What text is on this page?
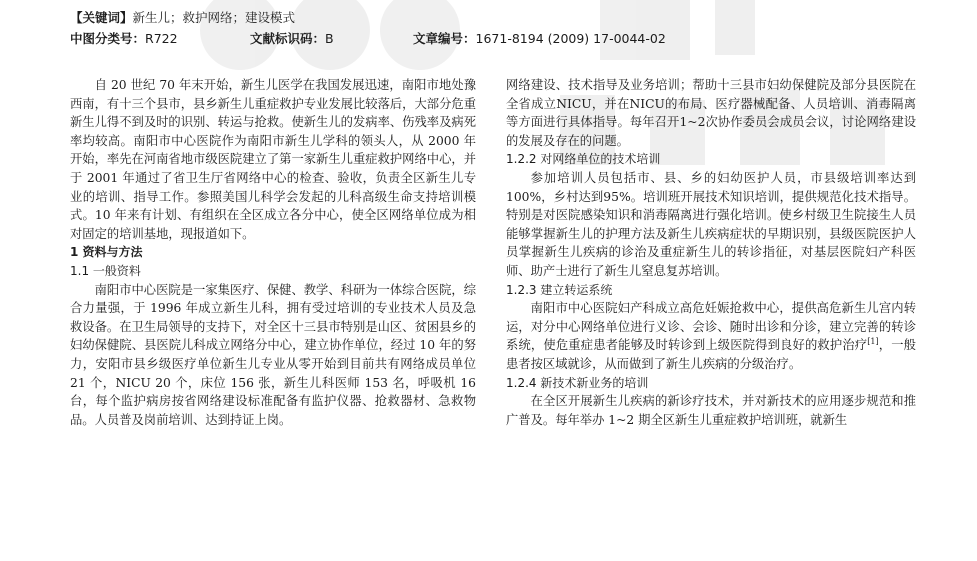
【关键词】新生儿；救护网络；建设模式
中图分类号：R722	文献标识码：B	文章编号：1671-8194 (2009) 17-0044-02

自 20 世纪 70 年末开始，新生儿医学在我国发展迅速，南阳市地处豫西南，有十三个县市，县乡新生儿重症救护专业发展比较落后，大部分危重新生儿得不到及时的识别、转运与抢救。使新生儿的发病率、伤残率及病死率均较高。南阳市中心医院作为南阳市新生儿学科的领头人，从 2000 年开始，率先在河南省地市级医院建立了第一家新生儿重症救护网络中心，并于 2001 年通过了省卫生厅省网络中心的检查、验收，负责全区新生儿专业的培训、指导工作。参照美国儿科学会发起的儿科高级生命支持培训模式。10 年来有计划、有组织在全区成立各分中心，使全区网络单位成为相对固定的培训基地，现报道如下。

1 资料与方法

1.1 一般资料

南阳市中心医院是一家集医疗、保健、教学、科研为一体综合医院，综合力量强，于 1996 年成立新生儿科，拥有受过培训的专业技术人员及急救设备。在卫生局领导的支持下，对全区十三县市特别是山区、贫困县乡的妇幼保健院、县医院儿科成立网络分中心，建立协作单位，经过 10 年的努力，安阳市县乡级医疗单位新生儿专业从零开始到目前共有网络成员单位 21 个，NICU 20 个，床位 156 张，新生儿科医师 153 名，呼吸机 16 台，每个监护病房按省网络建设标准配备有监护仪器、抢救器材、急救物品。人员普及岗前培训、达到持证上岗。

网络建设、技术指导及业务培训；帮助十三县市妇幼保健院及部分县医院在全省成立NICU，并在NICU的布局、医疗器械配备、人员培训、消毒隔离等方面进行具体指导。每年召开1~2次协作委员会成员会议，讨论网络建设的发展及存在的问题。

1.2.2 对网络单位的技术培训

参加培训人员包括市、县、乡的妇幼医护人员，市县级培训率达到100%，乡村达到95%。培训班开展技术知识培训，提供规范化技术指导。特别是对医院感染知识和消毒隔离进行强化培训。使乡村级卫生院接生人员能够掌握新生儿的护理方法及新生儿疾病症状的早期识别，县级医院医护人员掌握新生儿疾病的诊治及重症新生儿的转诊指征，对基层医院妇产科医师、助产士进行了新生儿窒息复苏培训。

1.2.3 建立转运系统

南阳市中心医院妇产科成立高危妊娠抢救中心，提供高危新生儿宫内转运，对分中心网络单位进行义诊、会诊、随时出诊和分诊，建立完善的转诊系统，使危重症患者能够及时转诊到上级医院得到良好的救护治疗[1]，一般患者按区域就诊，从而做到了新生儿疾病的分级治疗。

1.2.4 新技术新业务的培训

在全区开展新生儿疾病的新诊疗技术，并对新技术的应用逐步规范和推广普及。每年举办 1~2 期全区新生儿重症救护培训班，就新生
